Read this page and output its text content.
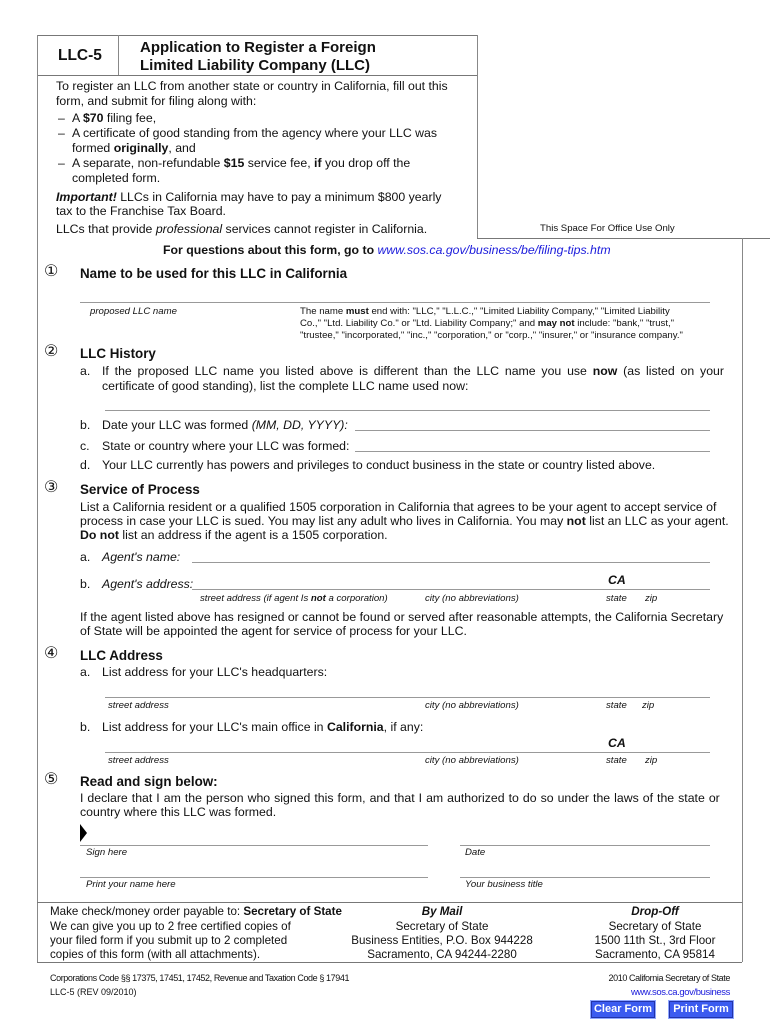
LLC-5	Application to Register a Foreign
Limited Liability Company (LLC)
This Space For Office Use Only
To register an LLC from another state or country in California, fill out this
form, and submit for filing along with:
– A $70 filing fee,
– A certificate of good standing from the agency where your LLC was
formed originally, and
– A separate, non-refundable $15 service fee, if you drop off the
completed form.
Important! LLCs in California may have to pay a minimum $800 yearly
tax to the Franchise Tax Board.
LLCs that provide professional services cannot register in California.
For questions about this form, go to www.sos.ca.gov/business/be/filing-tips.htm
① Name to be used for this LLC in California
proposed LLC name	The name must end with: "LLC," "L.L.C.," "Limited Liability Company," "Limited Liability
Co.," "Ltd. Liability Co." or "Ltd. Liability Company;" and may not include: "bank," "trust,"
"trustee," "incorporated," "inc.," "corporation," or "corp.," "insurer," or "insurance company."
② LLC History
a. If the proposed LLC name you listed above is different than the LLC name you use now (as listed on your
certificate of good standing), list the complete LLC name used now:
b. Date your LLC was formed (MM, DD, YYYY):
c. State or country where your LLC was formed:
d. Your LLC currently has powers and privileges to conduct business in the state or country listed above.
③ Service of Process
List a California resident or a qualified 1505 corporation in California that agrees to be your agent to accept service of
process in case your LLC is sued. You may list any adult who lives in California. You may not list an LLC as your agent.
Do not list an address if the agent is a 1505 corporation.
a. Agent's name:
b. Agent's address:	CA
street address (if agent Is not a corporation)	city (no abbreviations)	state zip
If the agent listed above has resigned or cannot be found or served after reasonable attempts, the California Secretary
of State will be appointed the agent for service of process for your LLC.
④ LLC Address
a. List address for your LLC's headquarters:
street address	city (no abbreviations)	state zip
b. List address for your LLC's main office in California, if any:
CA
street address	city (no abbreviations)	state zip
⑤ Read and sign below:
I declare that I am the person who signed this form, and that I am authorized to do so under the laws of the state or
country where this LLC was formed.
Sign here	Date
Print your name here	Your business title
Make check/money order payable to: Secretary of State
We can give you up to 2 free certified copies of
your filed form if you submit up to 2 completed
copies of this form (with all attachments).
By Mail
Secretary of State
Business Entities, P.O. Box 944228
Sacramento, CA 94244-2280
Drop-Off
Secretary of State
1500 11th St., 3rd Floor
Sacramento, CA 95814
Corporations Code §§ 17375, 17451, 17452, Revenue and Taxation Code § 17941
LLC-5 (REV 09/2010)
2010 California Secretary of State
www.sos.ca.gov/business
Clear Form	Print Form
